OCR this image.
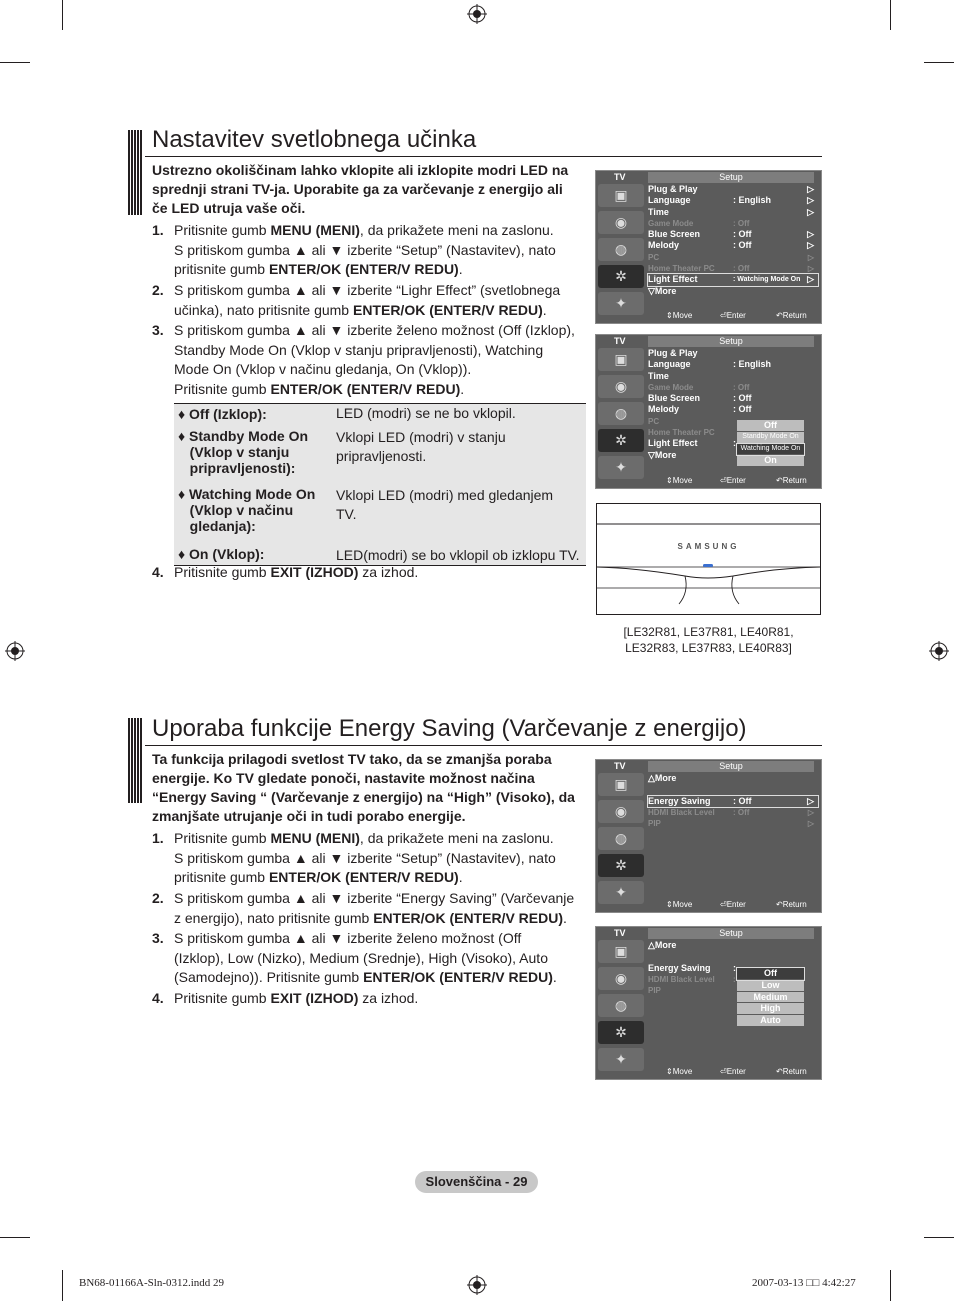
Nastavitev svetlobnega učinka
Ustrezno okoliščinam lahko vklopite ali izklopite modri LED na sprednji strani TV-ja. Uporabite ga za varčevanje z energijo ali če LED utruja vaše oči.
1. Pritisnite gumb MENU (MENI), da prikažete meni na zaslonu.
S pritiskom gumba ▲ ali ▼ izberite “Setup” (Nastavitev), nato
pritisnite gumb ENTER/OK (ENTER/V REDU).
2. S pritiskom gumba ▲ ali ▼ izberite “Lighr Effect” (svetlobnega
učinka), nato pritisnite gumb ENTER/OK (ENTER/V REDU).
3. S pritiskom gumba ▲ ali ▼ izberite želeno možnost (Off (Izklop),
Standby Mode On (Vklop v stanju pripravljenosti), Watching
Mode On (Vklop v načinu gledanja, On (Vklop)).
Pritisnite gumb ENTER/OK (ENTER/V REDU).
♦ Off (Izklop):	LED (modri) se ne bo vklopil.
♦ Standby Mode On
(Vklop v stanju
pripravljenosti):	Vklopi LED (modri) v stanju
pripravljenosti.
♦ Watching Mode On
(Vklop v načinu
gledanja):	Vklopi LED (modri) med gledanjem
TV.
♦ On (Vklop):	LED(modri) se bo vklopil ob izklopu TV.
4. Pritisnite gumb EXIT (IZHOD) za izhod.
TV	Setup
▣
◉
◍
✲
✦
Plug & Play	▷
Language	: English	▷
Time	▷
Game Mode	: Off
Blue Screen	: Off	▷
Melody	: Off	▷
PC	▷
Home Theater PC : Off	▷
Light Effect	: Watching Mode On ▷
▽More
⇕ Move	⏎ Enter	↶ Return
TV	Setup
▣
◉
◍
✲
✦
Plug & Play
Language	: English
Time
Game Mode	: Off
Blue Screen	: Off
Melody	: Off
PC
Home Theater PC
Light Effect	:
▽More
Off
Standby Mode On
Watching Mode On
On
⇕ Move	⏎ Enter	↶ Return
SAMSUNG
[LE32R81, LE37R81, LE40R81,
LE32R83, LE37R83, LE40R83]
Uporaba funkcije Energy Saving (Varčevanje z energijo)
Ta funkcija prilagodi svetlost TV tako, da se zmanjša poraba energije. Ko TV gledate ponoči, nastavite možnost načina “Energy Saving “ (Varčevanje z energijo) na “High” (Visoko), da zmanjšate utrujanje oči in tudi porabo energije.
1. Pritisnite gumb MENU (MENI), da prikažete meni na zaslonu.
S pritiskom gumba ▲ ali ▼ izberite “Setup” (Nastavitev), nato
pritisnite gumb ENTER/OK (ENTER/V REDU).
2. S pritiskom gumba ▲ ali ▼ izberite “Energy Saving” (Varčevanje
z energijo), nato pritisnite gumb ENTER/OK (ENTER/V REDU).
3. S pritiskom gumba ▲ ali ▼ izberite želeno možnost (Off
(Izklop), Low (Nizko), Medium (Srednje), High (Visoko), Auto
(Samodejno)). Pritisnite gumb ENTER/OK (ENTER/V REDU).
4. Pritisnite gumb EXIT (IZHOD) za izhod.
TV	Setup
▣
◉
◍
✲
✦
△More
Energy Saving : Off	▷
HDMI Black Level : Off	▷
PIP	▷
⇕ Move	⏎ Enter	↶ Return
TV	Setup
▣
◉
◍
✲
✦
△More
Energy Saving :
HDMI Black Level :
PIP
Off
Low
Medium
High
Auto
⇕ Move	⏎ Enter	↶ Return
Slovenščina - 29
BN68-01166A-Sln-0312.indd 29	2007-03-13 □□ 4:42:27
